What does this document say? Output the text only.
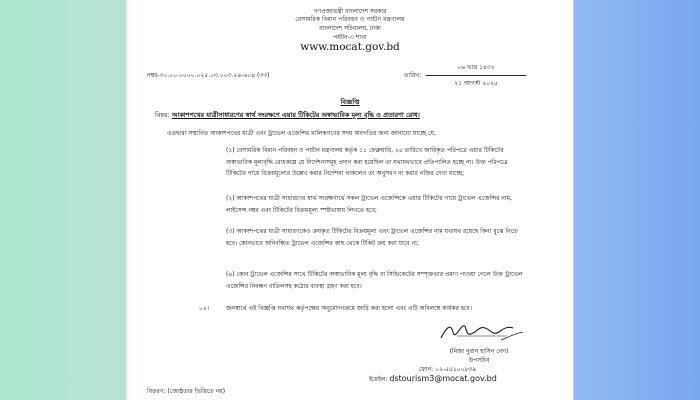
গণপ্রজাতন্ত্রী বাংলাদেশ সরকার
বেসামরিক বিমান পরিবহন ও পর্যটন মন্ত্রণালয়
বাংলাদেশ সচিবালয়, ঢাকা
পর্যটন-৩ শাখা
www.mocat.gov.bd
নম্বর-৩০.০০.০০০০.০২৫.০৩.০০৩.২৪-৬০৪ (৩৩)	তারিখ:
০৬ ভাদ্র ১৪৩২
২১ আগস্ট ২০২৫
বিজ্ঞপ্তি
বিষয়: আকাশপথের যাত্রীসাধারণের স্বার্থ সংরক্ষণে এয়ার টিকিটের অস্বাভাবিক মূল্য বৃদ্ধি ও প্রতারণা রোধ।
এতদ্বারা সম্মানিত আকাশপথের যাত্রী এবং ট্রাভেল এজেন্সির মালিকগণের সদয় অবগতির জন্য জানানো যাচ্ছে যে,
(১) বেসামরিক বিমান পরিবহন ও পর্যটন মন্ত্রণালয় কর্তৃক ১১ ফেব্রুয়ারি, ২৫ তারিখে জারিকৃত পরিপত্রে এয়ার টিকিটের অস্বাভাবিক মূল্যবৃদ্ধি রোধকল্পে যে নির্দেশনাসমূহ প্রদান করা হয়েছিল তা যথাযথভাবে প্রতিপালিত হচ্ছে না। উক্ত পরিপত্রে টিকিটের গায়ে বিক্রয়মূল্যের উল্লেখ করার নির্দেশনা থাকলেও তা অনুসরণ না করার নজির দেখা যাচ্ছে;
(২) আকাশপথের যাত্রী সাধারণের স্বার্থ সংরক্ষণার্থে সকল ট্রাভেল এজেন্সিকে এয়ার টিকিটের গায়ে ট্রাভেল এজেন্সির নাম, লাইসেন্স নম্বর এবং টিকিটের বিক্রয়মূল্য স্পষ্টভাষায় লিখতে হবে;
(৩) আকাশপথের যাত্রী সাধারণকেও ক্রয়কৃত টিকিটের বিক্রয়মূল্য এবং ট্রাভেল এজেন্সির নাম যথাযথ রয়েছে কিনা বুঝে নিতে হবে। কোনভাবে অনিবন্ধিত ট্রাভেল এজেন্সির কাছ থেকে টিকিট ক্রয় করা যাবে না;
(৪) কোন ট্রাভেল এজেন্সির সাথে টিকিটের অস্বাভাবিক মূল্য বৃদ্ধি বা সিন্ডিকেটের সম্পৃক্ততার প্রমাণ পাওয়া গেলে উক্ত ট্রাভেল এজেন্সির নিবন্ধন বাতিলসহ কঠোর ব্যবস্থা গ্রহণ করা হবে।
০২।	জনস্বার্থে এই বিজ্ঞপ্তি যথাযথ কর্তৃপক্ষের অনুমোদনক্রমে জারি করা হলো এবং এটি অবিলম্বে কার্যকর হবে।
(মিজা নুরান হাসিন বেগ)
উপসচিব
ফোন: ০২-৫৫১০০৮৩৯
ইমেইল: dstourism3@mocat.gov.bd
বিতরণ: (জ্যেষ্ঠতার ভিত্তিতে নয়)
